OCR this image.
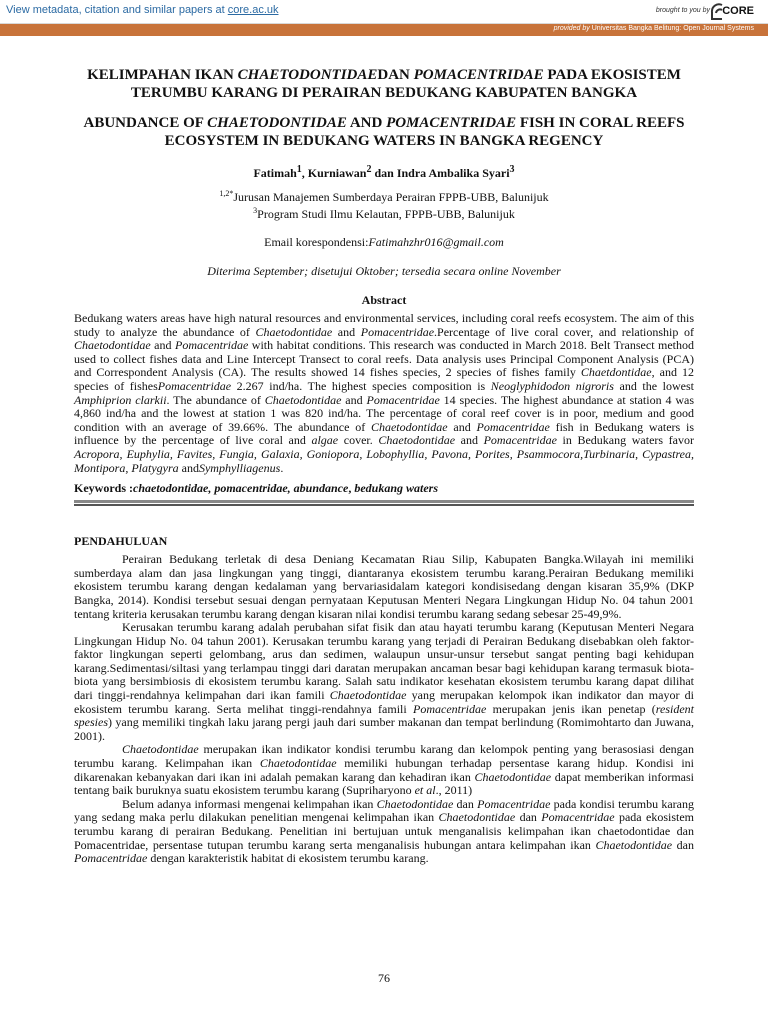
View metadata, citation and similar papers at core.ac.uk	brought to you by CORE
provided by Universitas Bangka Belitung: Open Journal Systems
KELIMPAHAN IKAN CHAETODONTIDAEDAN POMACENTRIDAE PADA EKOSISTEM TERUMBU KARANG DI PERAIRAN BEDUKANG KABUPATEN BANGKA
ABUNDANCE OF CHAETODONTIDAE AND POMACENTRIDAE FISH IN CORAL REEFS ECOSYSTEM IN BEDUKANG WATERS IN BANGKA REGENCY
Fatimah$^1$, Kurniawan$^2$ dan Indra Ambalika Syari$^3$
$^{1,2*}$Jurusan Manajemen Sumberdaya Perairan FPPB-UBB, Balunijuk
$^3$Program Studi Ilmu Kelautan, FPPB-UBB, Balunijuk
Email korespondensi:Fatimahzhr016@gmail.com
Diterima September; disetujui Oktober; tersedia secara online November
Abstract
Bedukang waters areas have high natural resources and environmental services, including coral reefs ecosystem. The aim of this study to analyze the abundance of Chaetodontidae and Pomacentridae.Percentage of live coral cover, and relationship of Chaetodontidae and Pomacentridae with habitat conditions. This research was conducted in March 2018. Belt Transect method used to collect fishes data and Line Intercept Transect to coral reefs. Data analysis uses Principal Component Analysis (PCA) and Correspondent Analysis (CA). The results showed 14 fishes species, 2 species of fishes family Chaetdontidae, and 12 species of fishesPomacentridae 2.267 ind/ha. The highest species composition is Neoglyphidodon nigroris and the lowest Amphiprion clarkii. The abundance of Chaetodontidae and Pomacentridae 14 species. The highest abundance at station 4 was 4,860 ind/ha and the lowest at station 1 was 820 ind/ha. The percentage of coral reef cover is in poor, medium and good condition with an average of 39.66%. The abundance of Chaetodontidae and Pomacentridae fish in Bedukang waters is influence by the percentage of live coral and algae cover. Chaetodontidae and Pomacentridae in Bedukang waters favor Acropora, Euphylia, Favites, Fungia, Galaxia, Goniopora, Lobophyllia, Pavona, Porites, Psammocora,Turbinaria, Cypastrea, Montipora, Platygyra andSymphylliagenus.
Keywords :chaetodontidae, pomacentridae, abundance, bedukang waters
PENDAHULUAN
Perairan Bedukang terletak di desa Deniang Kecamatan Riau Silip, Kabupaten Bangka.Wilayah ini memiliki sumberdaya alam dan jasa lingkungan yang tinggi, diantaranya ekosistem terumbu karang.Perairan Bedukang memiliki ekosistem terumbu karang dengan kedalaman yang bervariasidalam kategori kondisisedang dengan kisaran 35,9% (DKP Bangka, 2014). Kondisi tersebut sesuai dengan pernyataan Keputusan Menteri Negara Lingkungan Hidup No. 04 tahun 2001 tentang kriteria kerusakan terumbu karang dengan kisaran nilai kondisi terumbu karang sedang sebesar 25-49,9%.
Kerusakan terumbu karang adalah perubahan sifat fisik dan atau hayati terumbu karang (Keputusan Menteri Negara Lingkungan Hidup No. 04 tahun 2001). Kerusakan terumbu karang yang terjadi di Perairan Bedukang disebabkan oleh faktor-faktor lingkungan seperti gelombang, arus dan sedimen, walaupun unsur-unsur tersebut sangat penting bagi kehidupan karang.Sedimentasi/siltasi yang terlampau tinggi dari daratan merupakan ancaman besar bagi kehidupan karang termasuk biota-biota yang bersimbiosis di ekosistem terumbu karang. Salah satu indikator kesehatan ekosistem terumbu karang dapat dilihat dari tinggi-rendahnya kelimpahan dari ikan famili Chaetodontidae yang merupakan kelompok ikan indikator dan mayor di ekosistem terumbu karang. Serta melihat tinggi-rendahnya famili Pomacentridae merupakan jenis ikan penetap (resident spesies) yang memiliki tingkah laku jarang pergi jauh dari sumber makanan dan tempat berlindung (Romimohtarto dan Juwana, 2001).
Chaetodontidae merupakan ikan indikator kondisi terumbu karang dan kelompok penting yang berasosiasi dengan terumbu karang. Kelimpahan ikan Chaetodontidae memiliki hubungan terhadap persentase karang hidup. Kondisi ini dikarenakan kebanyakan dari ikan ini adalah pemakan karang dan kehadiran ikan Chaetodontidae dapat memberikan informasi tentang baik buruknya suatu ekosistem terumbu karang (Supriharyono et al., 2011)
Belum adanya informasi mengenai kelimpahan ikan Chaetodontidae dan Pomacentridae pada kondisi terumbu karang yang sedang maka perlu dilakukan penelitian mengenai kelimpahan ikan Chaetodontidae dan Pomacentridae pada ekosistem terumbu karang di perairan Bedukang. Penelitian ini bertujuan untuk menganalisis kelimpahan ikan chaetodontidae dan Pomacentridae, persentase tutupan terumbu karang serta menganalisis hubungan antara kelimpahan ikan Chaetodontidae dan Pomacentridae dengan karakteristik habitat di ekosistem terumbu karang.
76
